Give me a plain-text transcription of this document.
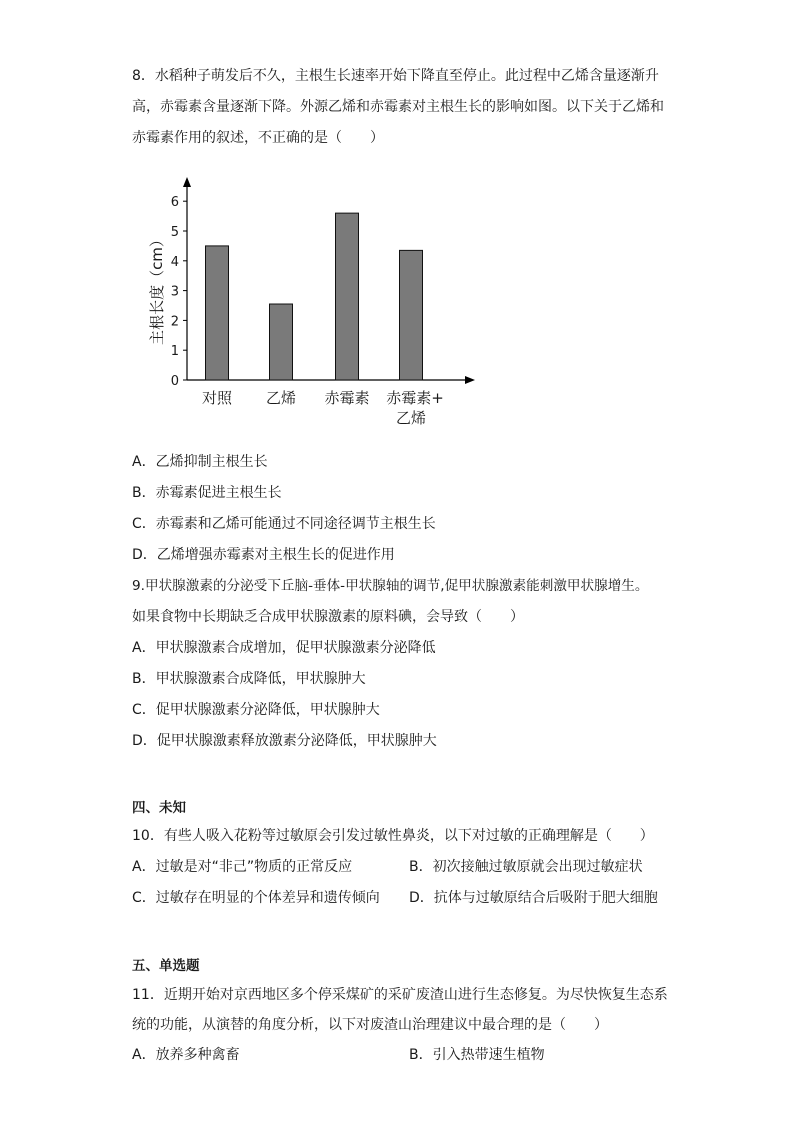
8．水稻种子萌发后不久，主根生长速率开始下降直至停止。此过程中乙烯含量逐渐升
高，赤霉素含量逐渐下降。外源乙烯和赤霉素对主根生长的影响如图。以下关于乙烯和
赤霉素作用的叙述，不正确的是（　　）
0
1
2
3
4
5
6
主根长度（cm）
对照 乙烯 赤霉素 赤霉素+
乙烯
A．乙烯抑制主根生长
B．赤霉素促进主根生长
C．赤霉素和乙烯可能通过不同途径调节主根生长
D．乙烯增强赤霉素对主根生长的促进作用
9.甲状腺激素的分泌受下丘脑-垂体-甲状腺轴的调节,促甲状腺激素能刺激甲状腺增生。
如果食物中长期缺乏合成甲状腺激素的原料碘，会导致（　　）
A．甲状腺激素合成增加，促甲状腺激素分泌降低
B．甲状腺激素合成降低，甲状腺肿大
C．促甲状腺激素分泌降低，甲状腺肿大
D．促甲状腺激素释放激素分泌降低，甲状腺肿大
四、未知
10．有些人吸入花粉等过敏原会引发过敏性鼻炎，以下对过敏的正确理解是（　　）
A．过敏是对“非己”物质的正常反应	B．初次接触过敏原就会出现过敏症状
C．过敏存在明显的个体差异和遗传倾向 D．抗体与过敏原结合后吸附于肥大细胞
五、单选题
11．近期开始对京西地区多个停采煤矿的采矿废渣山进行生态修复。为尽快恢复生态系
统的功能，从演替的角度分析，以下对废渣山治理建议中最合理的是（　　）
A．放养多种禽畜	B．引入热带速生植物
